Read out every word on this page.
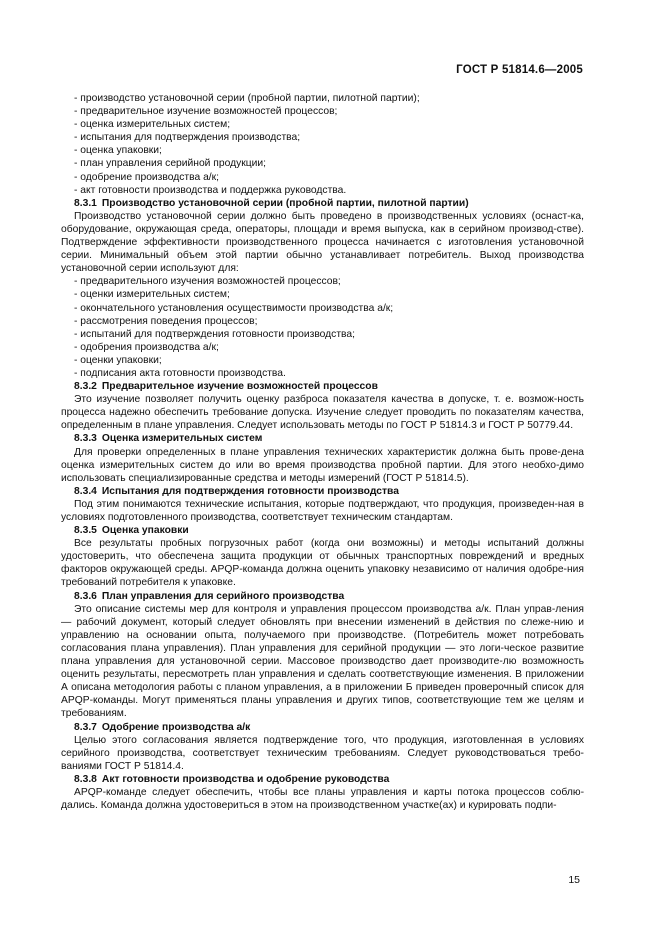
ГОСТ Р 51814.6—2005

- производство установочной серии (пробной партии, пилотной партии);

- предварительное изучение возможностей процессов;

- оценка измерительных систем;

- испытания для подтверждения производства;

- оценка упаковки;

- план управления серийной продукции;

- одобрение производства а/к;

- акт готовности производства и поддержка руководства.

8.3.1 Производство установочной серии (пробной партии, пилотной партии)

Производство установочной серии должно быть проведено в производственных условиях (оснаст-ка, оборудование, окружающая среда, операторы, площади и время выпуска, как в серийном производ-стве). Подтверждение эффективности производственного процесса начинается с изготовления установочной серии. Минимальный объем этой партии обычно устанавливает потребитель. Выход производства установочной серии используют для:

- предварительного изучения возможностей процессов;

- оценки измерительных систем;

- окончательного установления осуществимости производства а/к;

- рассмотрения поведения процессов;

- испытаний для подтверждения готовности производства;

- одобрения производства а/к;

- оценки упаковки;

- подписания акта готовности производства.

8.3.2 Предварительное изучение возможностей процессов

Это изучение позволяет получить оценку разброса показателя качества в допуске, т. е. возмож-ность процесса надежно обеспечить требование допуска. Изучение следует проводить по показателям качества, определенным в плане управления. Следует использовать методы по ГОСТ Р 51814.3 и ГОСТ Р 50779.44.

8.3.3 Оценка измерительных систем

Для проверки определенных в плане управления технических характеристик должна быть прове-дена оценка измерительных систем до или во время производства пробной партии. Для этого необхо-димо использовать специализированные средства и методы измерений (ГОСТ Р 51814.5).

8.3.4 Испытания для подтверждения готовности производства

Под этим понимаются технические испытания, которые подтверждают, что продукция, произведен-ная в условиях подготовленного производства, соответствует техническим стандартам.

8.3.5 Оценка упаковки

Все результаты пробных погрузочных работ (когда они возможны) и методы испытаний должны удостоверить, что обеспечена защита продукции от обычных транспортных повреждений и вредных факторов окружающей среды. APQP-команда должна оценить упаковку независимо от наличия одобре-ния требований потребителя к упаковке.

8.3.6 План управления для серийного производства

Это описание системы мер для контроля и управления процессом производства а/к. План управ-ления — рабочий документ, который следует обновлять при внесении изменений в действия по слеже-нию и управлению на основании опыта, получаемого при производстве. (Потребитель может потребовать согласования плана управления). План управления для серийной продукции — это логи-ческое развитие плана управления для установочной серии. Массовое производство дает производите-лю возможность оценить результаты, пересмотреть план управления и сделать соответствующие изменения. В приложении А описана методология работы с планом управления, а в приложении Б приведен проверочный список для APQP-команды. Могут применяться планы управления и других типов, соответствующие тем же целям и требованиям.

8.3.7 Одобрение производства а/к

Целью этого согласования является подтверждение того, что продукция, изготовленная в условиях серийного производства, соответствует техническим требованиям. Следует руководствоваться требо-ваниями ГОСТ Р 51814.4.

8.3.8 Акт готовности производства и одобрение руководства

APQP-команде следует обеспечить, чтобы все планы управления и карты потока процессов соблю-дались. Команда должна удостовериться в этом на производственном участке(ах) и курировать подпи-

15
